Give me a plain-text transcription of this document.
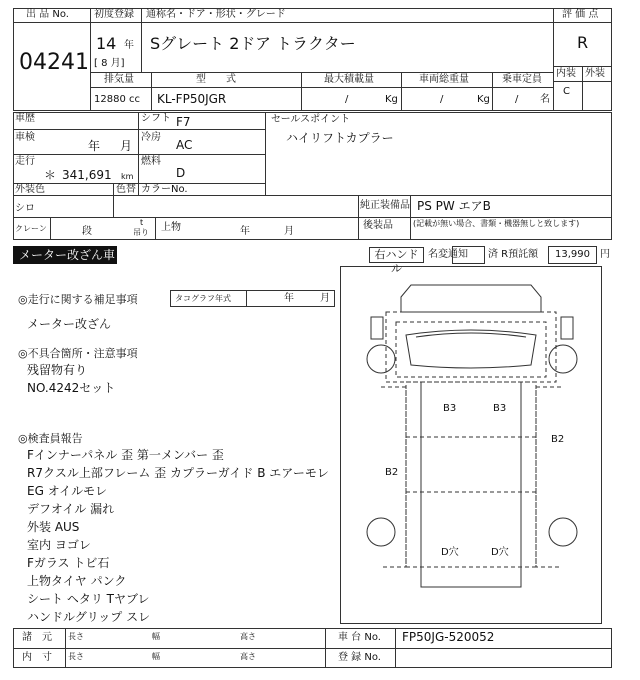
出 品 No.
04241
初度登録 通称名・ドア・形状・グレード
14 年
[ 8 月]
Sグレート 2ドア トラクター
評 価 点
R
内装 外装
C
排気量	型　　式	最大積載量	車両総重量	乗車定員
12880 cc KL-FP50JGR	/	Kg	/	Kg	/ 名
車歴	シフト F7
車検
年 月
冷房
AC
走行
＊ 341,691 km
燃料
D
外装色
シロ
色替 カラーNo.
クレーン	段
t
吊り 上物	年	月
セールスポイント
ハイリフトカプラー
純正装備品 PS PW エアB
後装品	(記載が無い場合、書類・機器無しと致します)
メーター改ざん車	右ハンドル
名変通知 済 R預託額 13,990 円
◎走行に関する補足事項	タコグラフ年式	年	月
メーター改ざん
◎不具合箇所・注意事項
残留物有り
NO.4242セット
◎検査員報告
Fインナーパネル 歪 第一メンバー 歪
R7クスル上部フレーム 歪 カプラーガイド B エアーモレ
EG オイルモレ
デフオイル 漏れ
外装 AUS
室内 ヨゴレ
Fガラス トビ石
上物タイヤ パンク
シート ヘタリ Tヤブレ
ハンドルグリップ スレ
B3	B3
B2
B2
D穴	D穴
諸　元
内　寸
長さ	幅	高さ
長さ	幅	高さ
車 台 No. FP50JG-520052
登 録 No.
